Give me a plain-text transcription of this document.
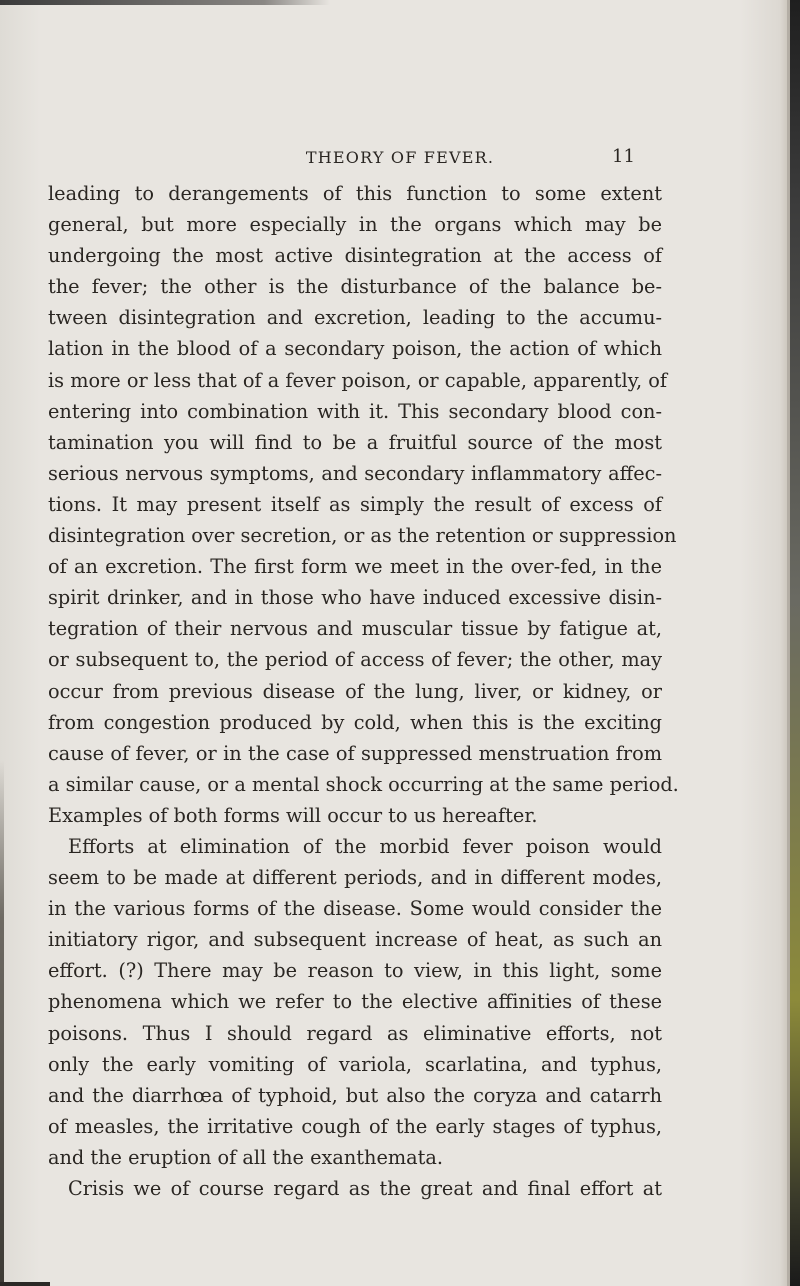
THEORY OF FEVER.	11
leading to derangements of this function to some extent
general, but more especially in the organs which may be
undergoing the most active disintegration at the access of
the fever; the other is the disturbance of the balance be-
tween disintegration and excretion, leading to the accumu-
lation in the blood of a secondary poison, the action of which
is more or less that of a fever poison, or capable, apparently, of
entering into combination with it. This secondary blood con-
tamination you will find to be a fruitful source of the most
serious nervous symptoms, and secondary inflammatory affec-
tions. It may present itself as simply the result of excess of
disintegration over secretion, or as the retention or suppression
of an excretion. The first form we meet in the over-fed, in the
spirit drinker, and in those who have induced excessive disin-
tegration of their nervous and muscular tissue by fatigue at,
or subsequent to, the period of access of fever; the other, may
occur from previous disease of the lung, liver, or kidney, or
from congestion produced by cold, when this is the exciting
cause of fever, or in the case of suppressed menstruation from
a similar cause, or a mental shock occurring at the same period.
Examples of both forms will occur to us hereafter.
Efforts at elimination of the morbid fever poison would
seem to be made at different periods, and in different modes,
in the various forms of the disease. Some would consider the
initiatory rigor, and subsequent increase of heat, as such an
effort. (?) There may be reason to view, in this light, some
phenomena which we refer to the elective affinities of these
poisons. Thus I should regard as eliminative efforts, not
only the early vomiting of variola, scarlatina, and typhus,
and the diarrhœa of typhoid, but also the coryza and catarrh
of measles, the irritative cough of the early stages of typhus,
and the eruption of all the exanthemata.
Crisis we of course regard as the great and final effort at
